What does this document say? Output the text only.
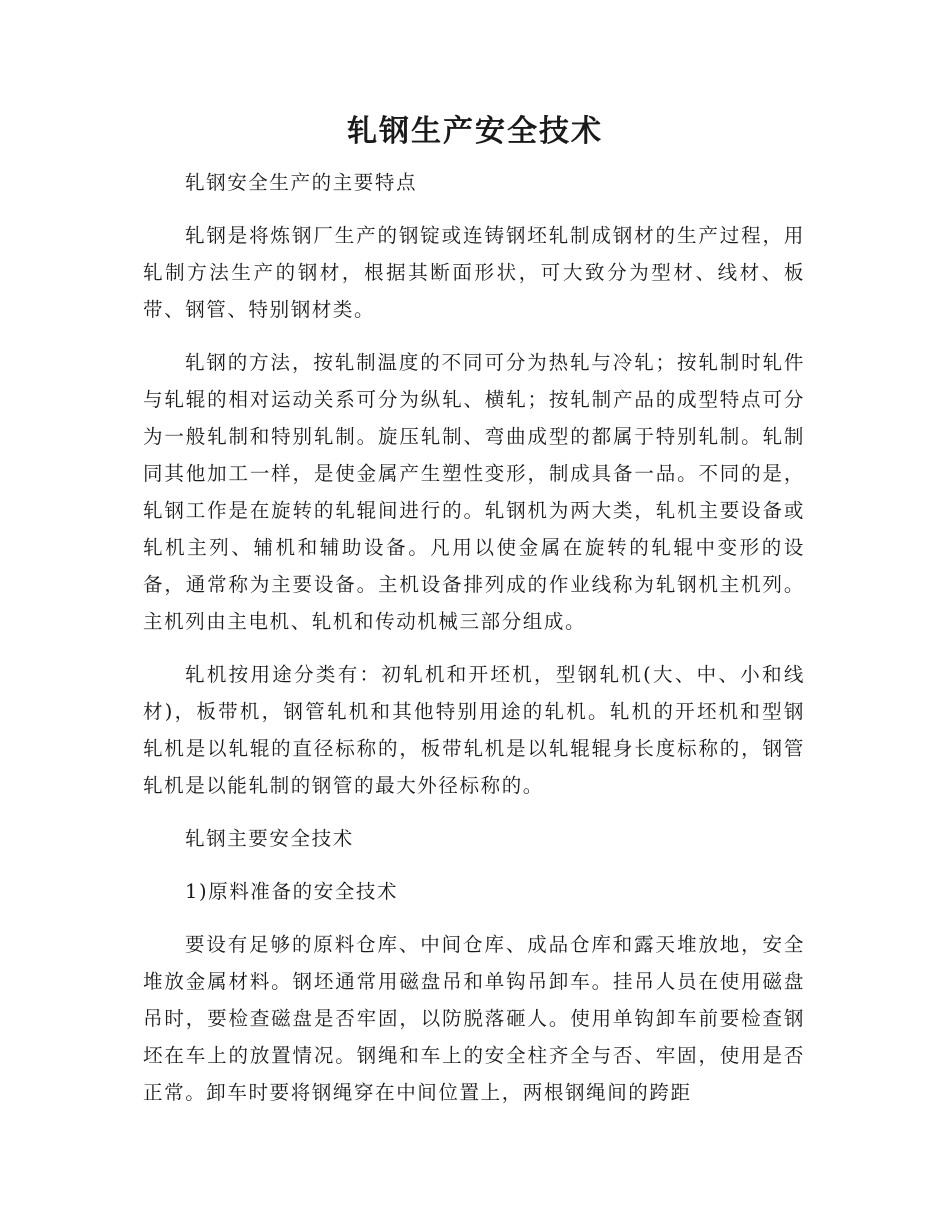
轧钢生产安全技术

轧钢安全生产的主要特点

轧钢是将炼钢厂生产的钢锭或连铸钢坯轧制成钢材的生产过程，用轧制方法生产的钢材，根据其断面形状，可大致分为型材、线材、板带、钢管、特别钢材类。

轧钢的方法，按轧制温度的不同可分为热轧与冷轧；按轧制时轧件与轧辊的相对运动关系可分为纵轧、横轧；按轧制产品的成型特点可分为一般轧制和特别轧制。旋压轧制、弯曲成型的都属于特别轧制。轧制同其他加工一样，是使金属产生塑性变形，制成具备一品。不同的是，轧钢工作是在旋转的轧辊间进行的。轧钢机为两大类，轧机主要设备或轧机主列、辅机和辅助设备。凡用以使金属在旋转的轧辊中变形的设备，通常称为主要设备。主机设备排列成的作业线称为轧钢机主机列。主机列由主电机、轧机和传动机械三部分组成。

轧机按用途分类有：初轧机和开坯机，型钢轧机(大、中、小和线材)，板带机，钢管轧机和其他特别用途的轧机。轧机的开坯机和型钢轧机是以轧辊的直径标称的，板带轧机是以轧辊辊身长度标称的，钢管轧机是以能轧制的钢管的最大外径标称的。

轧钢主要安全技术

1)原料准备的安全技术

要设有足够的原料仓库、中间仓库、成品仓库和露天堆放地，安全堆放金属材料。钢坯通常用磁盘吊和单钩吊卸车。挂吊人员在使用磁盘吊时，要检查磁盘是否牢固，以防脱落砸人。使用单钩卸车前要检查钢坯在车上的放置情况。钢绳和车上的安全柱齐全与否、牢固，使用是否正常。卸车时要将钢绳穿在中间位置上，两根钢绳间的跨距
